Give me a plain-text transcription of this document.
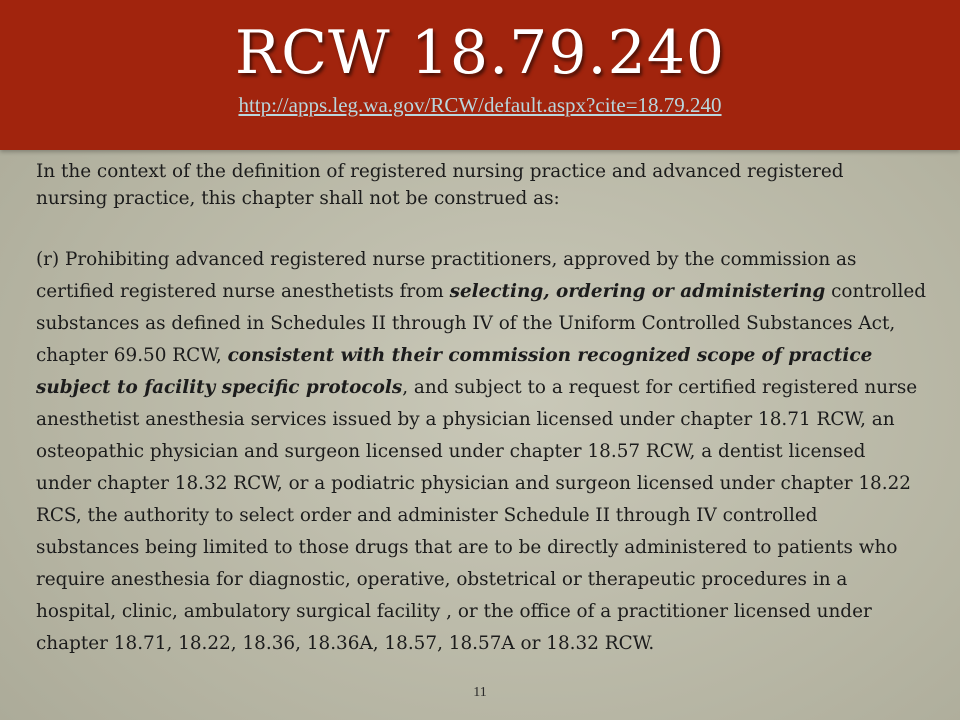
RCW 18.79.240
http://apps.leg.wa.gov/RCW/default.aspx?cite=18.79.240
In the context of the definition of registered nursing practice and advanced registered nursing practice, this chapter shall not be construed as:
(r) Prohibiting advanced registered nurse practitioners, approved by the commission as certified registered nurse anesthetists from selecting, ordering or administering controlled substances as defined in Schedules II through IV of the Uniform Controlled Substances Act, chapter 69.50 RCW, consistent with their commission recognized scope of practice subject to facility specific protocols, and subject to a request for certified registered nurse anesthetist anesthesia services issued by a physician licensed under chapter 18.71 RCW, an osteopathic physician and surgeon licensed under chapter 18.57 RCW, a dentist licensed under chapter 18.32 RCW, or a podiatric physician and surgeon licensed under chapter 18.22 RCS, the authority to select order and administer Schedule II through IV controlled substances being limited to those drugs that are to be directly administered to patients who require anesthesia for diagnostic, operative, obstetrical or therapeutic procedures in a hospital, clinic, ambulatory surgical facility , or the office of a practitioner licensed under chapter 18.71, 18.22, 18.36, 18.36A, 18.57, 18.57A or 18.32 RCW.
11
